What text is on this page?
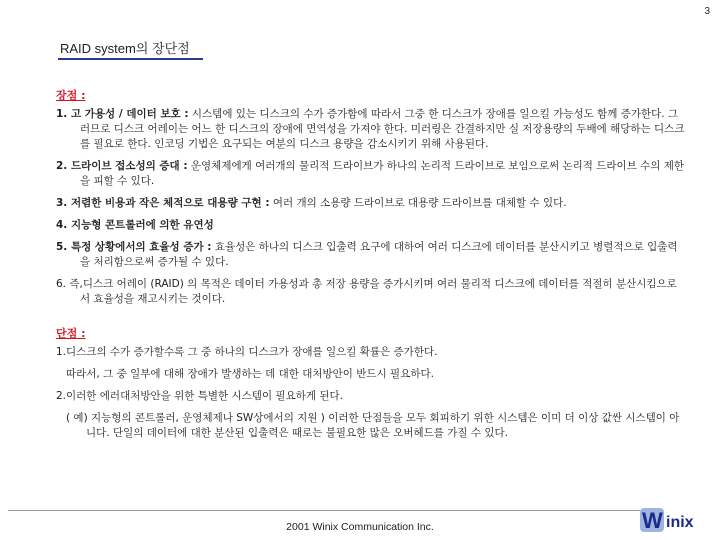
3
RAID system의 장단점
장점 :
1. 고 가용성 / 데이터 보호 : 시스템에 있는 디스크의 수가 증가함에 따라서 그중 한 디스크가 장애를 일으킬 가능성도 함께 증가한다. 그러므로 디스크 어레이는 어느 한 디스크의 장애에 면역성을 가져야 한다. 미러링은 간결하지만 실 저장용량의 두배에 해당하는 디스크를 필요로 한다. 인코딩 기법은 요구되는 여분의 디스크 용량을 감소시키기 위해 사용된다.
2. 드라이브 접소성의 증대 : 운영체제에게 여러개의 물리적 드라이브가 하나의 논리적 드라이브로 보임으로써 논리적 드라이브 수의 제한을 피할 수 있다.
3. 저렴한 비용과 작은 체적으로 대용량 구현 : 여러 개의 소용량 드라이브로 대용량 드라이브를 대체할 수 있다.
4. 지능형 콘트롤러에 의한 유연성
5. 특정 상황에서의 효율성 증가 : 효율성은 하나의 디스크 입출력 요구에 대하여 여러 디스크에 데이터를 분산시키고 병렬적으로 입출력을 처리함으로써 증가될 수 있다.
6. 즉,디스크 어레이 (RAID) 의 목적은 데이터 가용성과 총 저장 용량을 증가시키며 여러 물리적 디스크에 데이터를 적절히 분산시킴으로서 효율성을 재고시키는 것이다.
단점 :
1.디스크의 수가 증가할수록 그 중 하나의 디스크가 장애를 일으킬 확률은 증가한다.
따라서, 그 중 일부에 대해 장애가 발생하는 데 대한 대처방안이 반드시 필요하다.
2.이러한 에러대처방안을 위한 특별한 시스템이 필요하게 된다.
( 예) 지능형의 콘트롤러, 운영체제나 SW상에서의 지원 ) 이러한 단점들을 모두 회피하기 위한 시스템은 이미 더 이상 값싼 시스템이 아니다. 단일의 데이터에 대한 분산된 입출력은 때로는 불필요한 많은 오버헤드를 가질 수 있다.
2001 Winix Communication Inc.	W inix
